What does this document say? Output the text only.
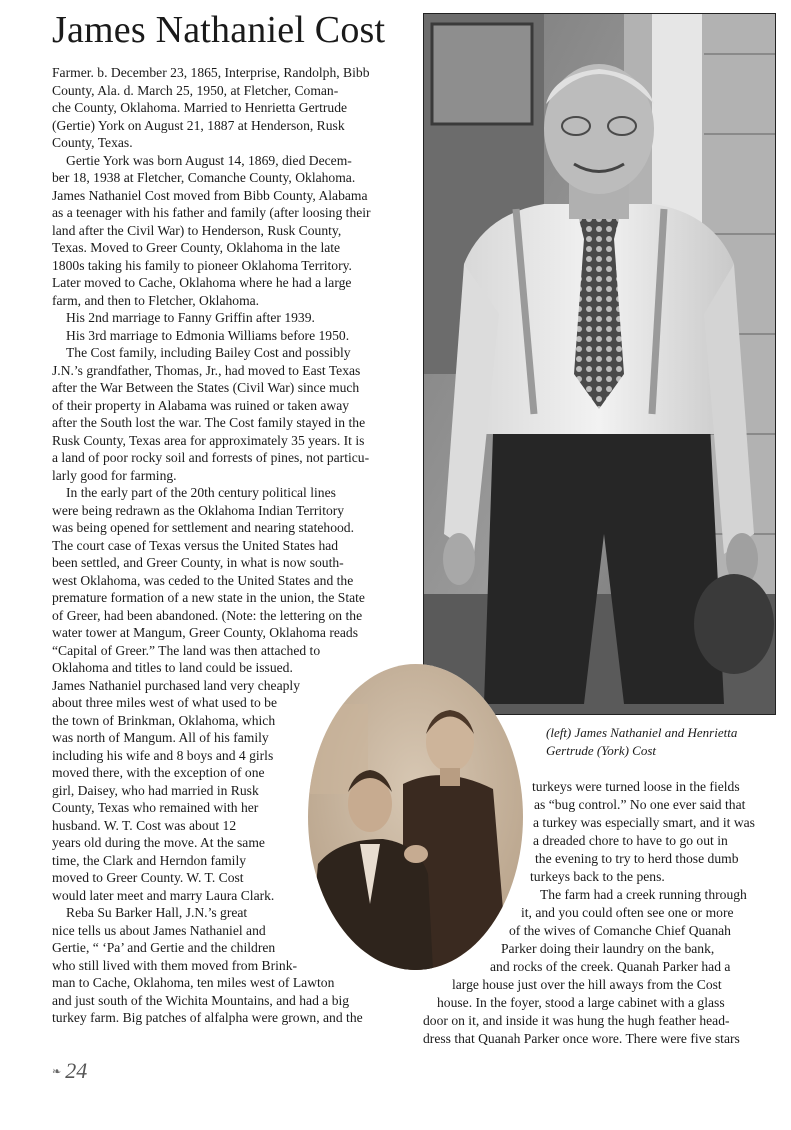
James Nathaniel Cost
Farmer. b. December 23, 1865, Interprise, Randolph, Bibb
County, Ala. d. March 25, 1950, at Fletcher, Coman-
che County, Oklahoma. Married to Henrietta Gertrude
(Gertie) York on August 21, 1887 at Henderson, Rusk
County, Texas.
Gertie York was born August 14, 1869, died Decem-
ber 18, 1938 at Fletcher, Comanche County, Oklahoma.
James Nathaniel Cost moved from Bibb County, Alabama
as a teenager with his father and family (after loosing their
land after the Civil War) to Henderson, Rusk County,
Texas. Moved to Greer County, Oklahoma in the late
1800s taking his family to pioneer Oklahoma Territory.
Later moved to Cache, Oklahoma where he had a large
farm, and then to Fletcher, Oklahoma.
His 2nd marriage to Fanny Griffin after 1939.
His 3rd marriage to Edmonia Williams before 1950.
The Cost family, including Bailey Cost and possibly
J.N.’s grandfather, Thomas, Jr., had moved to East Texas
after the War Between the States (Civil War) since much
of their property in Alabama was ruined or taken away
after the South lost the war. The Cost family stayed in the
Rusk County, Texas area for approximately 35 years. It is
a land of poor rocky soil and forrests of pines, not particu-
larly good for farming.
In the early part of the 20th century political lines
were being redrawn as the Oklahoma Indian Territory
was being opened for settlement and nearing statehood.
The court case of Texas versus the United States had
been settled, and Greer County, in what is now south-
west Oklahoma, was ceded to the United States and the
premature formation of a new state in the union, the State
of Greer, had been abandoned. (Note: the lettering on the
water tower at Mangum, Greer County, Oklahoma reads
“Capital of Greer.” The land was then attached to
Oklahoma and titles to land could be issued.
James Nathaniel purchased land very cheaply
about three miles west of what used to be
the town of Brinkman, Oklahoma, which
was north of Mangum. All of his family
including his wife and 8 boys and 4 girls
moved there, with the exception of one
girl, Daisey, who had married in Rusk
County, Texas who remained with her
husband. W. T. Cost was about 12
years old during the move. At the same
time, the Clark and Herndon family
moved to Greer County. W. T. Cost
would later meet and marry Laura Clark.
Reba Su Barker Hall, J.N.’s great
nice tells us about James Nathaniel and
Gertie, “ ‘Pa’ and Gertie and the children
who still lived with them moved from Brink-
man to Cache, Oklahoma, ten miles west of Lawton
and just south of the Wichita Mountains, and had a big
turkey farm. Big patches of alfalpha were grown, and the
turkeys were turned loose in the fields
as “bug control.” No one ever said that
a turkey was especially smart, and it was
a dreaded chore to have to go out in
the evening to try to herd those dumb
turkeys back to the pens.
The farm had a creek running through
it, and you could often see one or more
of the wives of Comanche Chief Quanah
Parker doing their laundry on the bank,
and rocks of the creek. Quanah Parker had a
large house just over the hill aways from the Cost
house. In the foyer, stood a large cabinet with a glass
door on it, and inside it was hung the hugh feather head-
dress that Quanah Parker once wore. There were five stars
(left) James Nathaniel and Henrietta
Gertrude (York) Cost
❧ 24
